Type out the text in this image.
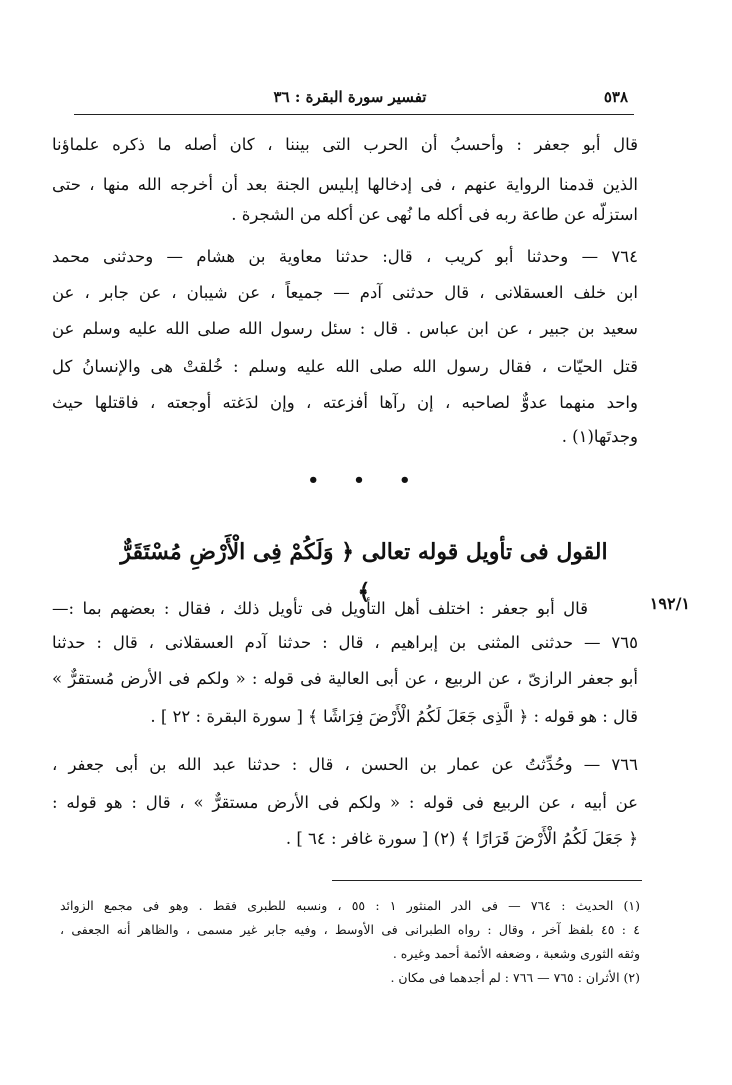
٥٣٨
تفسير سورة البقرة : ٣٦
قال أبو جعفر : وأحسبُ أن الحرب التى بيننا ، كان أصله ما ذكره علماؤنا
الذين قدمنا الرواية عنهم ، فى إدخالها إبليس الجنة بعد أن أخرجه الله منها ، حتى
استزلّه عن طاعة ربه فى أكله ما نُهى عن أكله من الشجرة .
٧٦٤ — وحدثنا أبو كريب ، قال: حدثنا معاوية بن هشام — وحدثنى محمد
ابن خلف العسقلانى ، قال حدثنى آدم — جميعاً ، عن شيبان ، عن جابر ، عن
سعيد بن جبير ، عن ابن عباس . قال : سئل رسول الله صلى الله عليه وسلم عن
قتل الحيّات ، فقال رسول الله صلى الله عليه وسلم : خُلقتْ هى والإنسانُ كل
واحد منهما عدوٌّ لصاحبه ، إن رآها أفزعته ، وإن لدَغته أوجعته ، فاقتلها حيث
وجدتَها(١) .
• • •
القول فى تأويل قوله تعالى ﴿ وَلَكُمْ فِى الْأَرْضِ مُسْتَقَرٌّ ﴾	١٩٢/١
قال أبو جعفر : اختلف أهل التأويل فى تأويل ذلك ، فقال : بعضهم بما :—
٧٦٥ — حدثنى المثنى بن إبراهيم ، قال : حدثنا آدم العسقلانى ، قال : حدثنا
أبو جعفر الرازىّ ، عن الربيع ، عن أبى العالية فى قوله : « ولكم فى الأرض مُستقرٌّ »
قال : هو قوله : ﴿ الَّذِى جَعَلَ لَكُمُ الْأَرْضَ فِرَاشًا ﴾ [ سورة البقرة : ٢٢ ] .
٧٦٦ — وحُدِّثتُ عن عمار بن الحسن ، قال : حدثنا عبد الله بن أبى جعفر ،
عن أبيه ، عن الربيع فى قوله : « ولكم فى الأرض مستقرٌّ » ، قال : هو قوله :
﴿ جَعَلَ لَكُمُ الْأَرْضَ قَرَارًا ﴾ (٢) [ سورة غافر : ٦٤ ] .
(١) الحديث : ٧٦٤ — فى الدر المنثور ١ : ٥٥ ، ونسبه للطبرى فقط . وهو فى مجمع الزوائد
٤ : ٤٥ بلفظ آخر ، وقال : رواه الطبرانى فى الأوسط ، وفيه جابر غير مسمى ، والظاهر أنه الجعفى ،
وثقه الثورى وشعبة ، وضعفه الأئمة أحمد وغيره .
(٢) الأثران : ٧٦٥ — ٧٦٦ : لم أجدهما فى مكان .
